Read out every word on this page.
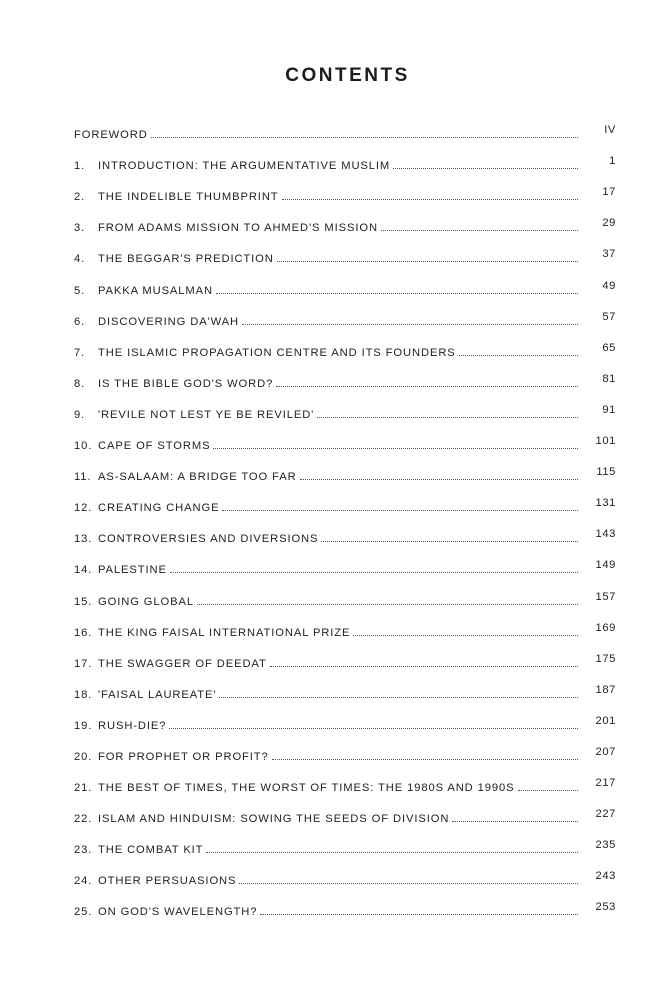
CONTENTS
FOREWORD	IV
1.	INTRODUCTION: THE ARGUMENTATIVE MUSLIM	1
2.	THE INDELIBLE THUMBPRINT	17
3.	FROM ADAMS MISSION TO AHMED'S MISSION	29
4.	THE BEGGAR'S PREDICTION	37
5.	PAKKA MUSALMAN	49
6.	DISCOVERING DA'WAH	57
7.	THE ISLAMIC PROPAGATION CENTRE AND ITS FOUNDERS	65
8.	IS THE BIBLE GOD'S WORD?	81
9.	'REVILE NOT LEST YE BE REVILED'	91
10. CAPE OF STORMS	101
11. AS-SALAAM: A BRIDGE TOO FAR	115
12. CREATING CHANGE	131
13. CONTROVERSIES AND DIVERSIONS	143
14. PALESTINE	149
15. GOING GLOBAL	157
16. THE KING FAISAL INTERNATIONAL PRIZE	169
17. THE SWAGGER OF DEEDAT	175
18. 'FAISAL LAUREATE'	187
19. RUSH-DIE?	201
20. FOR PROPHET OR PROFIT?	207
21. THE BEST OF TIMES, THE WORST OF TIMES: THE 1980S AND 1990S	217
22. ISLAM AND HINDUISM: SOWING THE SEEDS OF DIVISION	227
23. THE COMBAT KIT	235
24. OTHER PERSUASIONS	243
25. ON GOD'S WAVELENGTH?	253
